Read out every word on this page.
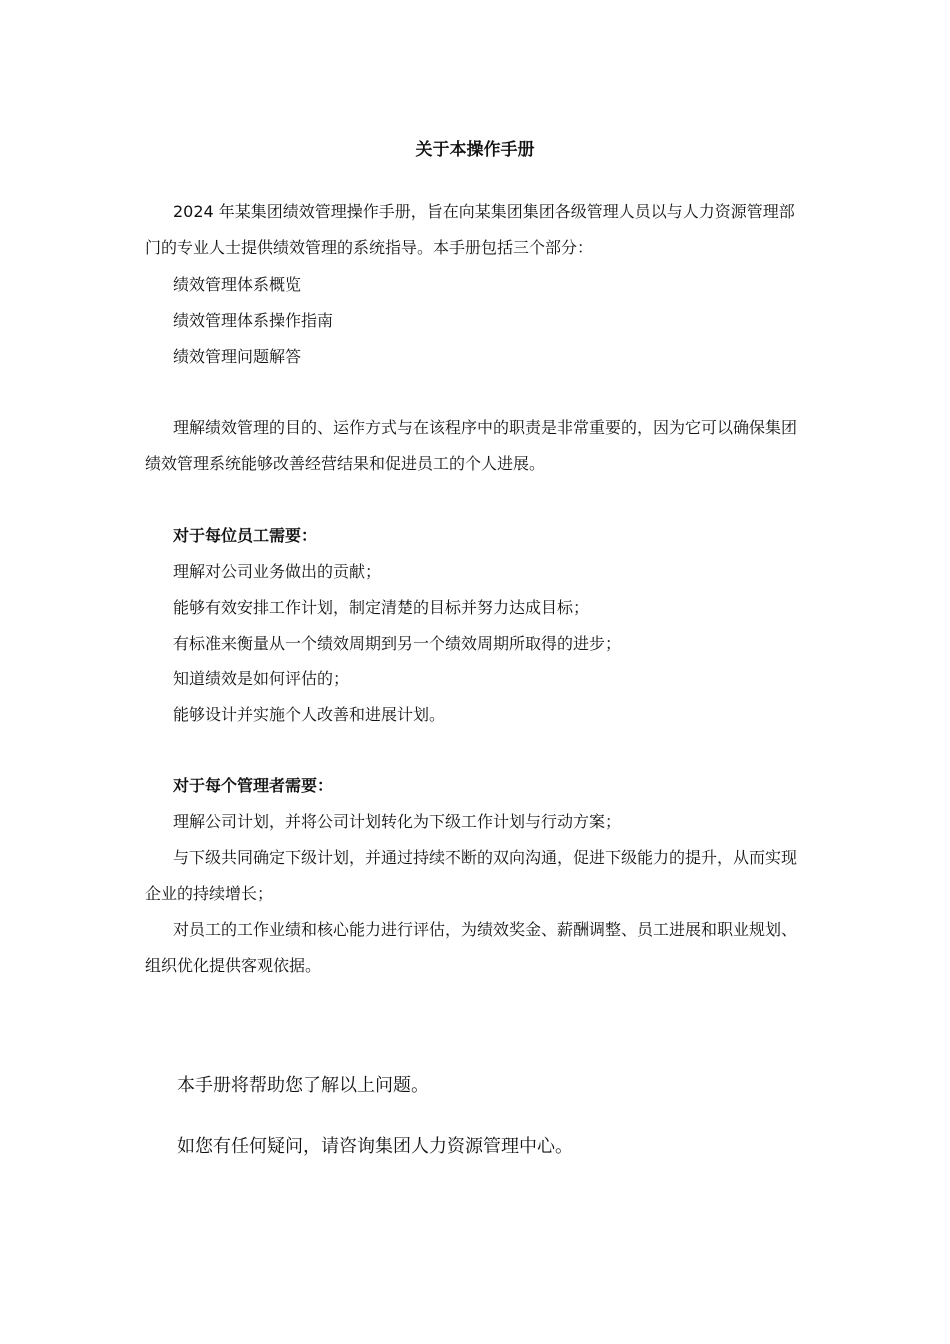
关于本操作手册

2024 年某集团绩效管理操作手册，旨在向某集团集团各级管理人员以与人力资源管理部门的专业人士提供绩效管理的系统指导。本手册包括三个部分：

绩效管理体系概览
绩效管理体系操作指南
绩效管理问题解答

理解绩效管理的目的、运作方式与在该程序中的职责是非常重要的，因为它可以确保集团绩效管理系统能够改善经营结果和促进员工的个人进展。

对于每位员工需要：
理解对公司业务做出的贡献；
能够有效安排工作计划，制定清楚的目标并努力达成目标；
有标准来衡量从一个绩效周期到另一个绩效周期所取得的进步；
知道绩效是如何评估的；
能够设计并实施个人改善和进展计划。
对于每个管理者需要：
理解公司计划，并将公司计划转化为下级工作计划与行动方案；

与下级共同确定下级计划，并通过持续不断的双向沟通，促进下级能力的提升，从而实现企业的持续增长；

对员工的工作业绩和核心能力进行评估，为绩效奖金、薪酬调整、员工进展和职业规划、组织优化提供客观依据。

本手册将帮助您了解以上问题。
如您有任何疑问，请咨询集团人力资源管理中心。
